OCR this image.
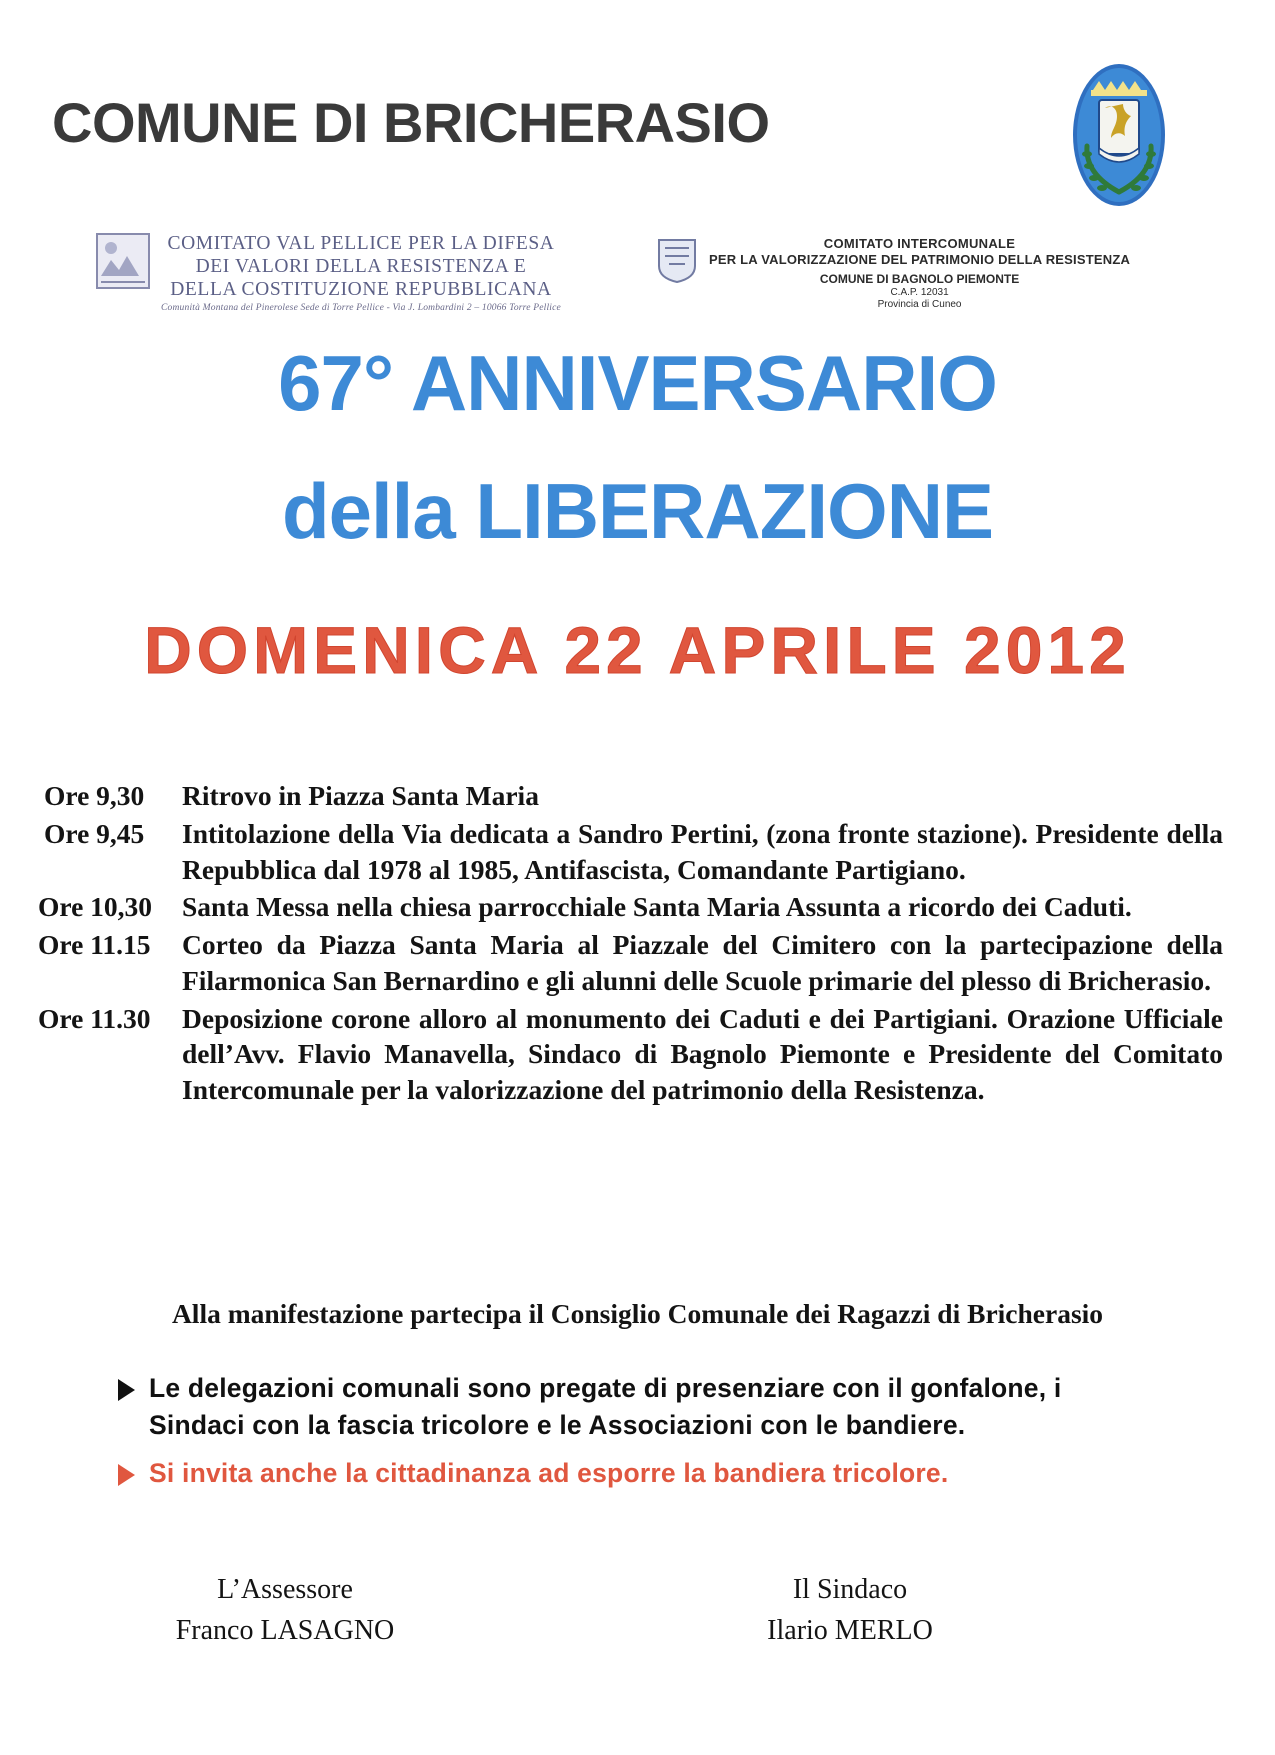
COMUNE DI BRICHERASIO
COMITATO VAL PELLICE PER LA DIFESA
DEI VALORI DELLA RESISTENZA E
DELLA COSTITUZIONE REPUBBLICANA
Comunità Montana del Pinerolese Sede di Torre Pellice - Via J. Lombardini 2 – 10066 Torre Pellice
COMITATO INTERCOMUNALE
PER LA VALORIZZAZIONE DEL PATRIMONIO DELLA RESISTENZA
COMUNE DI BAGNOLO PIEMONTE
C.A.P. 12031
Provincia di Cuneo
67° ANNIVERSARIO
della LIBERAZIONE
DOMENICA 22 APRILE 2012
Ore 9,30	Ritrovo in Piazza Santa Maria
Ore 9,45	Intitolazione della Via dedicata a Sandro Pertini, (zona fronte stazione). Presidente della Repubblica dal 1978 al 1985, Antifascista, Comandante Partigiano.
Ore 10,30	Santa Messa nella chiesa parrocchiale Santa Maria Assunta a ricordo dei Caduti.
Ore 11.15	Corteo da Piazza Santa Maria al Piazzale del Cimitero con la partecipazione della Filarmonica San Bernardino e gli alunni delle Scuole primarie del plesso di Bricherasio.
Ore 11.30	Deposizione corone alloro al monumento dei Caduti e dei Partigiani. Orazione Ufficiale dell’Avv. Flavio Manavella, Sindaco di Bagnolo Piemonte e Presidente del Comitato Intercomunale per la valorizzazione del patrimonio della Resistenza.
Alla manifestazione partecipa il Consiglio Comunale dei Ragazzi di Bricherasio
Le delegazioni comunali sono pregate di presenziare con il gonfalone, i Sindaci con la fascia tricolore e le Associazioni con le bandiere.
Si invita anche la cittadinanza ad esporre la bandiera tricolore.
L’Assessore
Franco LASAGNO
Il Sindaco
Ilario MERLO
